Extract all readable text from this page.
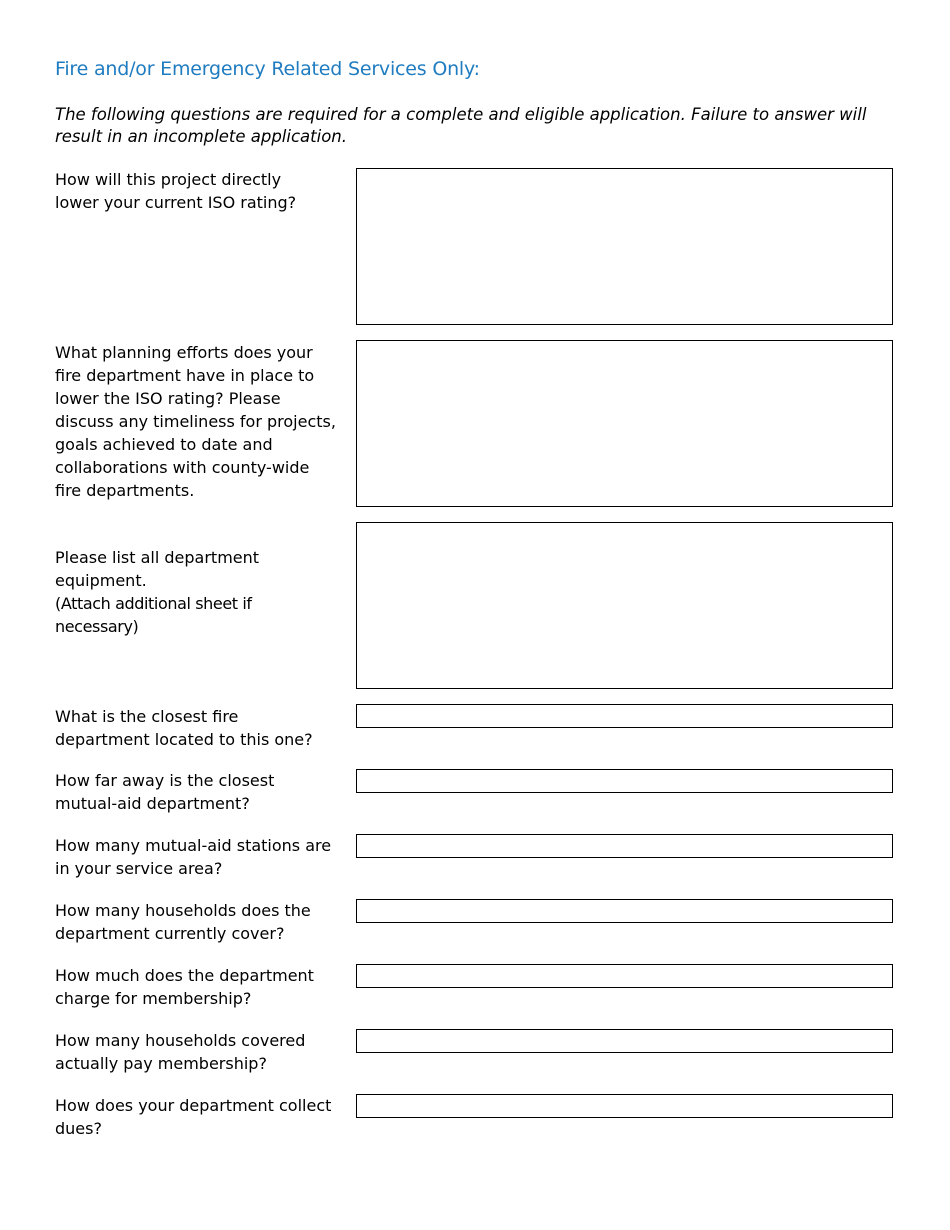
Fire and/or Emergency Related Services Only:

The following questions are required for a complete and eligible application. Failure to answer will result in an incomplete application.

How will this project directly
lower your current ISO rating?

What planning efforts does your
fire department have in place to
lower the ISO rating? Please
discuss any timeliness for projects,
goals achieved to date and
collaborations with county-wide
fire departments.

Please list all department
equipment.

(Attach additional sheet if
necessary)

What is the closest fire
department located to this one?

How far away is the closest
mutual-aid department?

How many mutual-aid stations are
in your service area?

How many households does the
department currently cover?

How much does the department
charge for membership?

How many households covered
actually pay membership?

How does your department collect
dues?
